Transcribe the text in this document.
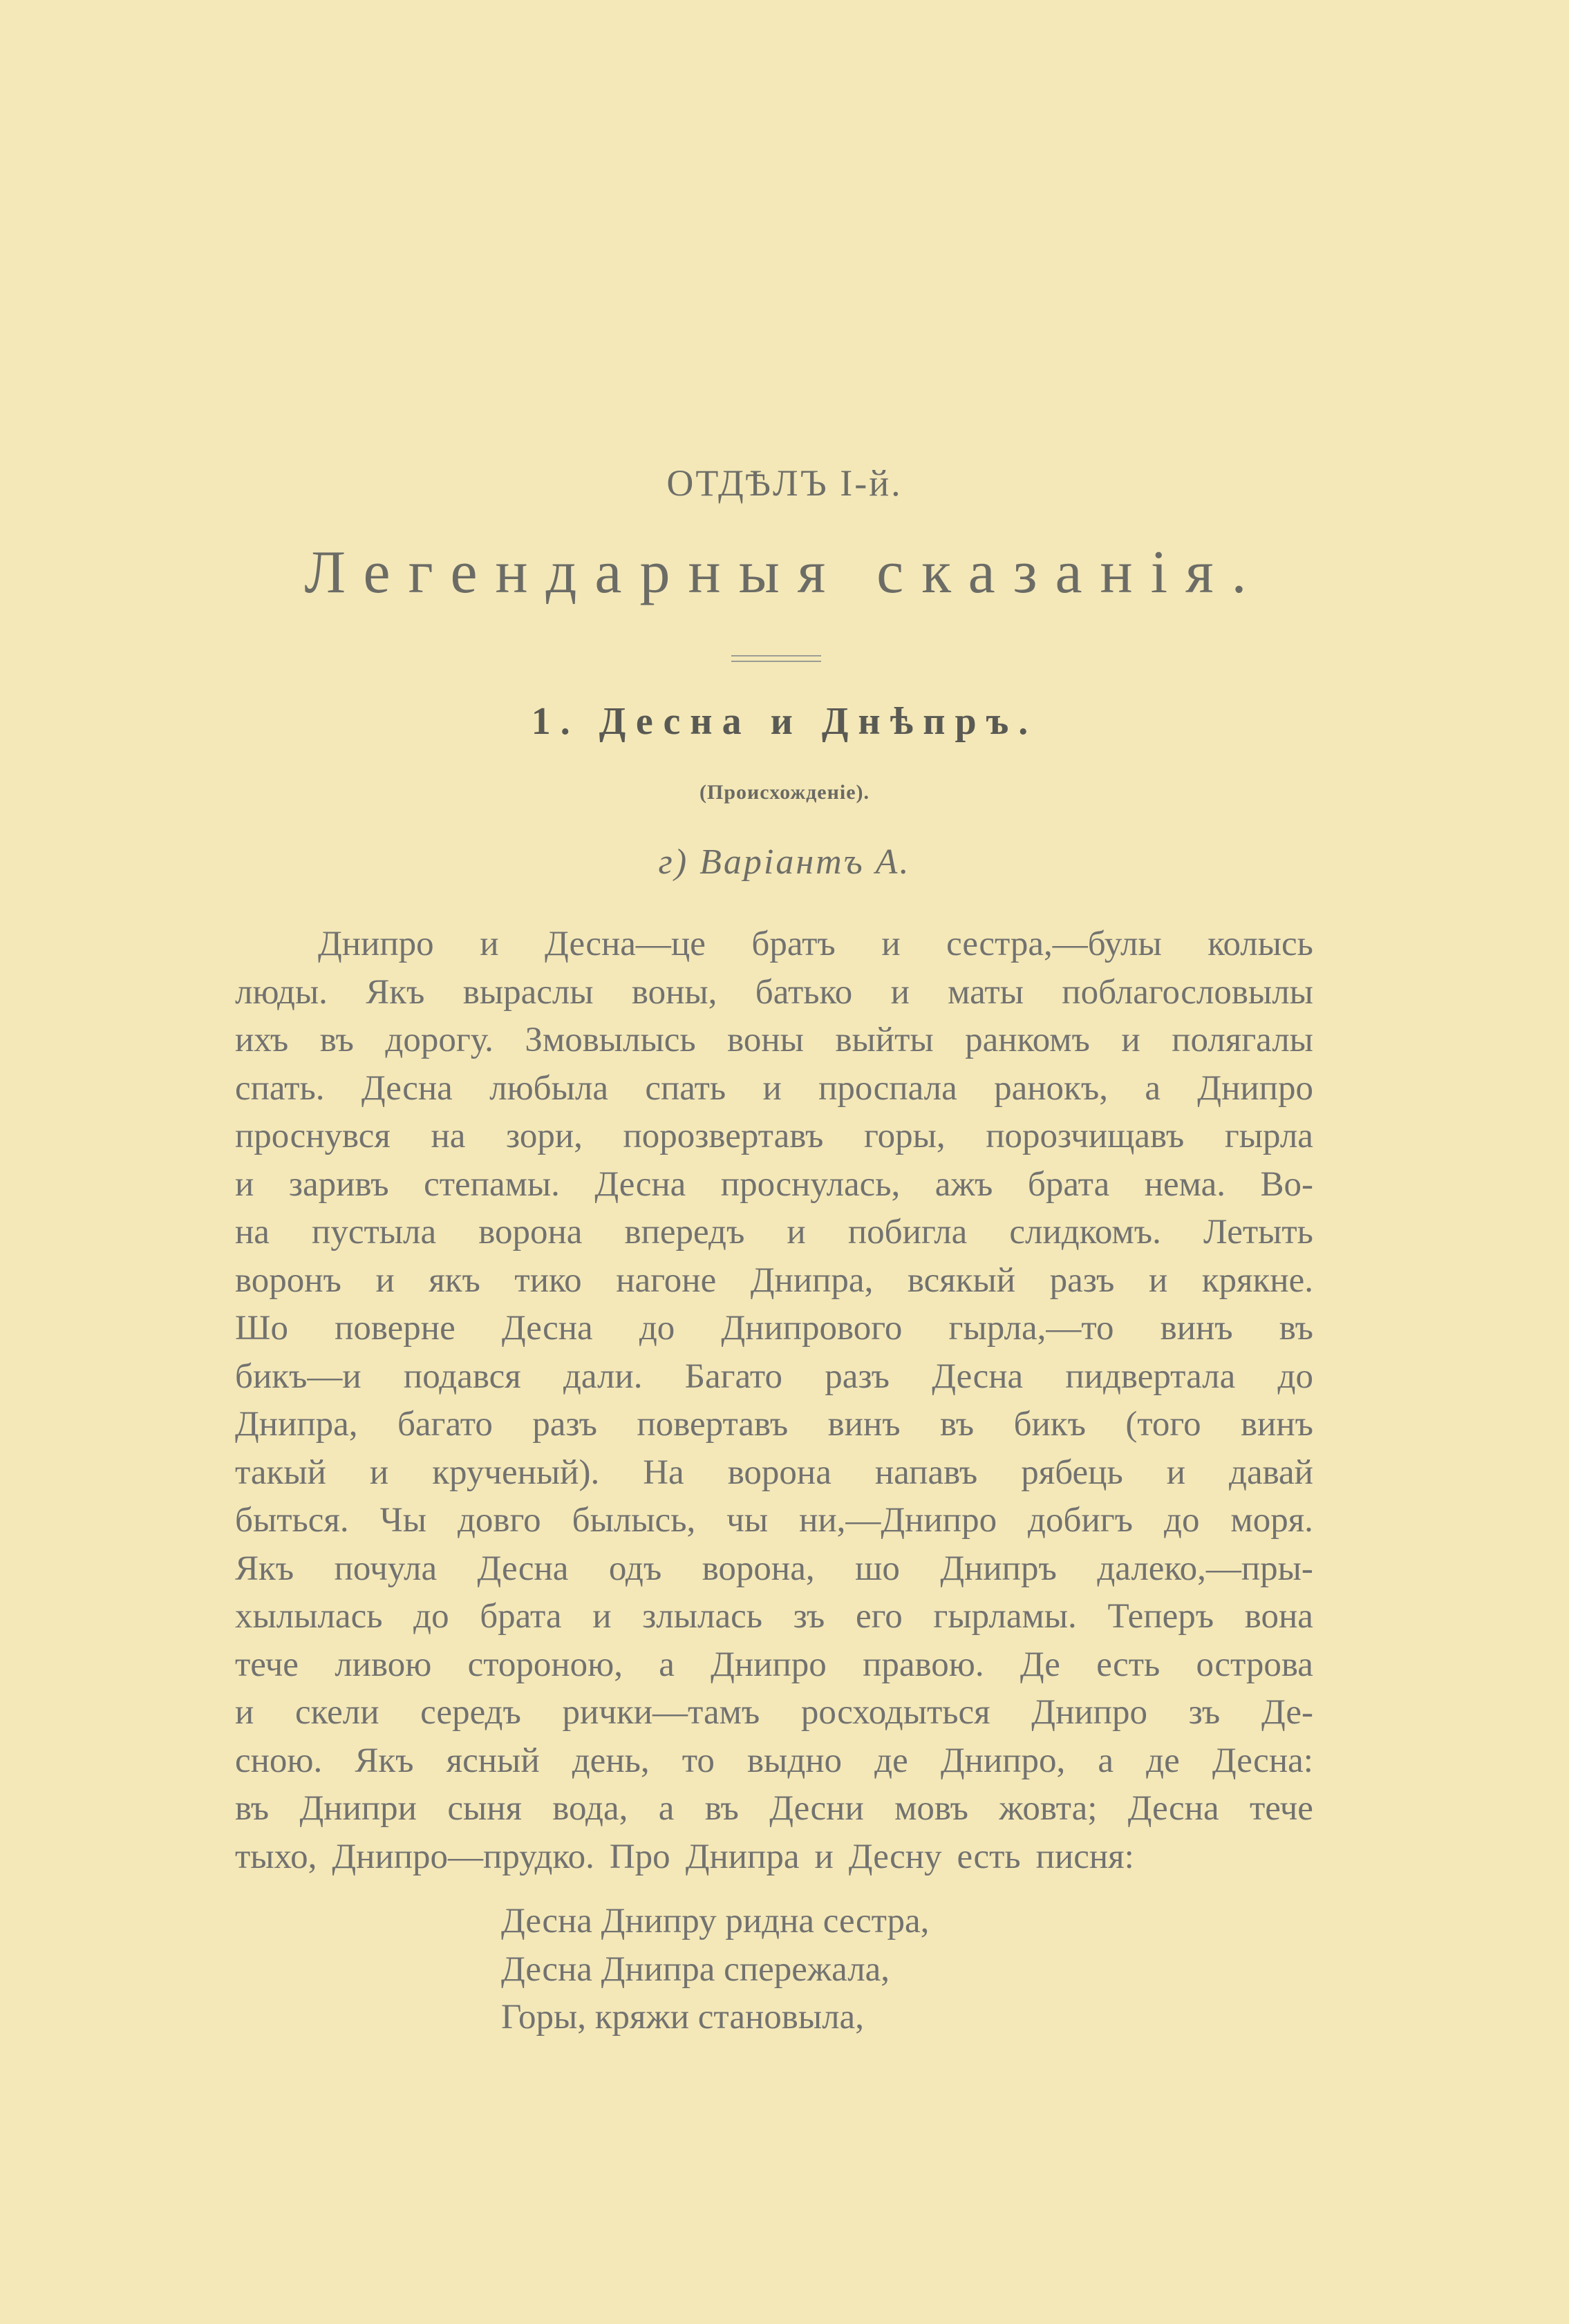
ОТДѢЛЪ I-й.
Легендарныя сказанія.
1. Десна и Днѣпръ.
(Происхожденіе).
г) Варіантъ А.
Днипро и Десна—це братъ и сестра,—булы колысь
люды. Якъ выраслы воны, батько и маты поблагословылы
ихъ въ дорогу. Змовылысь воны выйты ранкомъ и полягалы
спать. Десна любыла спать и проспала ранокъ, а Днипро
проснувся на зори, порозвертавъ горы, порозчищавъ гырла
и заривъ степамы. Десна проснулась, ажъ брата нема. Во-
на пустыла ворона впередъ и побигла слидкомъ. Летыть
воронъ и якъ тико нагоне Днипра, всякый разъ и крякне.
Шо поверне Десна до Днипрового гырла,—то винъ въ
бикъ—и подався дали. Багато разъ Десна пидвертала до
Днипра, багато разъ повертавъ винъ въ бикъ (того винъ
такый и крученый). На ворона напавъ рябець и давай
быться. Чы довго былысь, чы ни,—Днипро добигъ до моря.
Якъ почула Десна одъ ворона, шо Днипръ далеко,—пры-
хылылась до брата и злылась зъ его гырламы. Теперъ вона
тече ливою стороною, а Днипро правою. Де есть острова
и скели середъ рички—тамъ росходыться Днипро зъ Де-
сною. Якъ ясный день, то выдно де Днипро, а де Десна:
въ Днипри сыня вода, а въ Десни мовъ жовта; Десна тече
тыхо, Днипро—прудко. Про Днипра и Десну есть писня:
Десна Днипру ридна сестра,
Десна Днипра спережала,
Горы, кряжи становыла,
